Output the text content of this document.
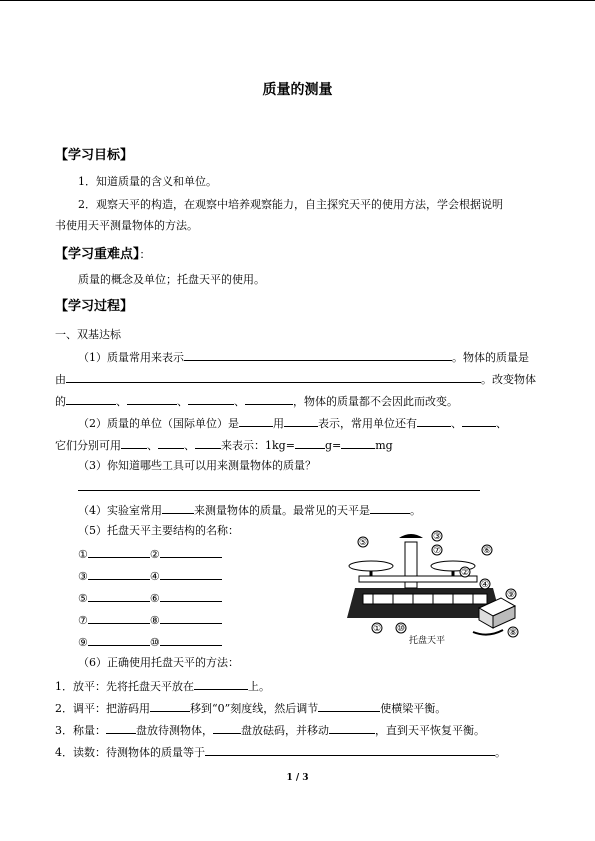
质量的测量
【学习目标】
1．知道质量的含义和单位。
2．观察天平的构造，在观察中培养观察能力，自主探究天平的使用方法，学会根据说明
书使用天平测量物体的方法。
【学习重难点】：
质量的概念及单位；托盘天平的使用。
【学习过程】
一、双基达标
（1）质量常用来表示	。物体的质量是
由	。改变物体
的	、	、	、	，物体的质量都不会因此而改变。
（2）质量的单位（国际单位）是	用	表示，常用单位还有	、	、
它们分别可用 、 、 来表示：1kg=	g=	mg
（3）你知道哪些工具可以用来测量物体的质量？
（4）实验室常用	来测量物体的质量。最常见的天平是	。
（5）托盘天平主要结构的名称：
①	②
③	④
⑤	⑥
⑦	⑧
⑨	⑩
⑤
③
⑦	⑥
②
④
⑨
① ⑩	⑧
托盘天平
（6）正确使用托盘天平的方法：
1．放平：先将托盘天平放在	上。
2．调平：把游码用	移到“0”刻度线，然后调节	使横梁平衡。
3．称量：	盘放待测物体，	盘放砝码，并移动	，直到天平恢复平衡。
4．读数：待测物体的质量等于	。
1 / 3
